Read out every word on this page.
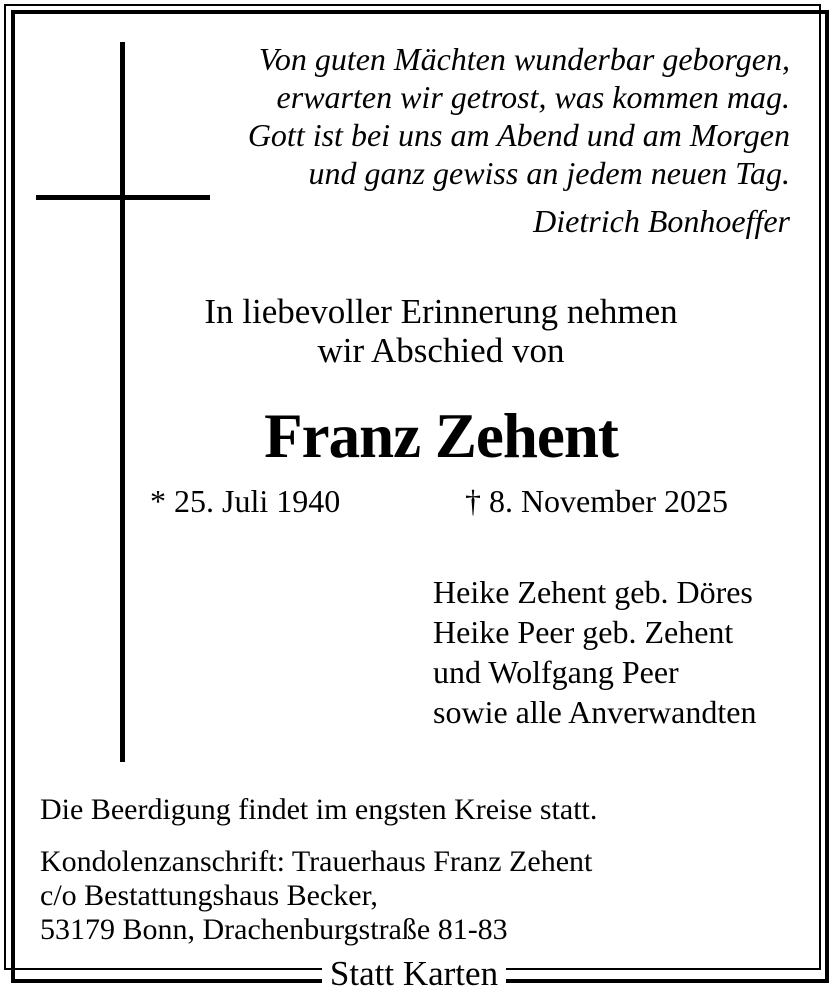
Von guten Mächten wunderbar geborgen,
erwarten wir getrost, was kommen mag.
Gott ist bei uns am Abend und am Morgen
und ganz gewiss an jedem neuen Tag.
Dietrich Bonhoeffer
In liebevoller Erinnerung nehmen
wir Abschied von
Franz Zehent
* 25. Juli 1940	† 8. November 2025
Heike Zehent geb. Döres
Heike Peer geb. Zehent
und Wolfgang Peer
sowie alle Anverwandten
Die Beerdigung findet im engsten Kreise statt.
Kondolenzanschrift: Trauerhaus Franz Zehent
c/o Bestattungshaus Becker,
53179 Bonn, Drachenburgstraße 81-83
Statt Karten
